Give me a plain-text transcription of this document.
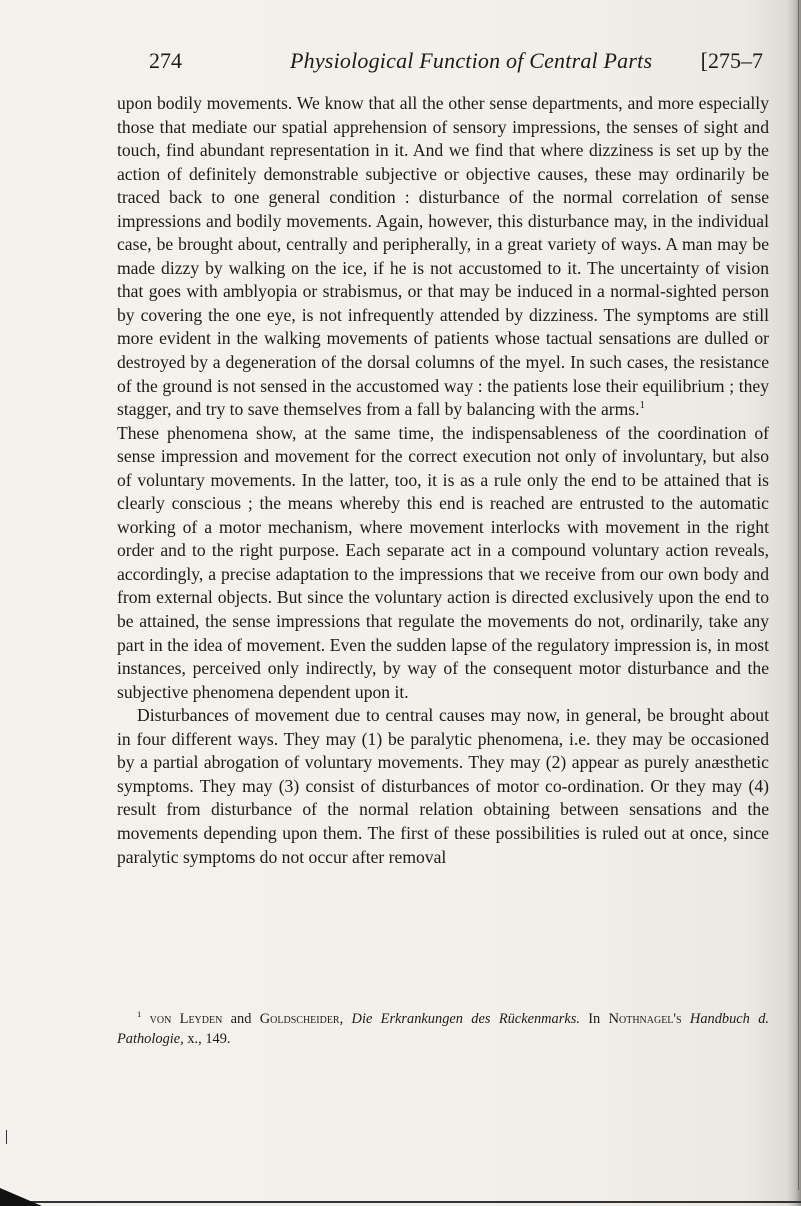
274	Physiological Function of Central Parts [275–7

upon bodily movements. We know that all the other sense departments, and more especially those that mediate our spatial apprehension of sensory impressions, the senses of sight and touch, find abundant representation in it. And we find that where dizziness is set up by the action of definitely demonstrable subjective or objective causes, these may ordinarily be traced back to one general condition : disturbance of the normal correlation of sense impressions and bodily movements. Again, however, this disturbance may, in the individual case, be brought about, centrally and peripherally, in a great variety of ways. A man may be made dizzy by walking on the ice, if he is not accustomed to it. The uncertainty of vision that goes with amblyopia or strabismus, or that may be induced in a normal-sighted person by covering the one eye, is not infrequently attended by dizziness. The symptoms are still more evident in the walking movements of patients whose tactual sensations are dulled or destroyed by a degeneration of the dorsal columns of the myel. In such cases, the resistance of the ground is not sensed in the accustomed way : the patients lose their equilibrium ; they stagger, and try to save themselves from a fall by balancing with the arms.$^1$

These phenomena show, at the same time, the indispensableness of the coordination of sense impression and movement for the correct execution not only of involuntary, but also of voluntary movements. In the latter, too, it is as a rule only the end to be attained that is clearly conscious ; the means whereby this end is reached are entrusted to the automatic working of a motor mechanism, where movement interlocks with movement in the right order and to the right purpose. Each separate act in a compound voluntary action reveals, accordingly, a precise adaptation to the impressions that we receive from our own body and from external objects. But since the voluntary action is directed exclusively upon the end to be attained, the sense impressions that regulate the movements do not, ordinarily, take any part in the idea of movement. Even the sudden lapse of the regulatory impression is, in most instances, perceived only indirectly, by way of the consequent motor disturbance and the subjective phenomena dependent upon it.

Disturbances of movement due to central causes may now, in general, be brought about in four different ways. They may (1) be paralytic phenomena, i.e. they may be occasioned by a partial abrogation of voluntary movements. They may (2) appear as purely anæsthetic symptoms. They may (3) consist of disturbances of motor co-ordination. Or they may (4) result from disturbance of the normal relation obtaining between sensations and the movements depending upon them. The first of these possibilities is ruled out at once, since paralytic symptoms do not occur after removal

$^1$ von Leyden and Goldscheider, Die Erkrankungen des Rückenmarks. In Nothnagel's Handbuch d. Pathologie, x., 149.
